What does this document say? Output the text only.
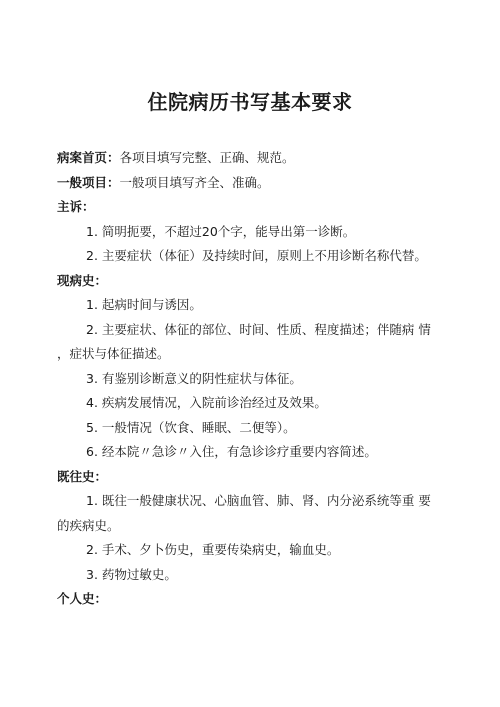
住院病历书写基本要求
病案首页：各项目填写完整、正确、规范。
一般项目：一般项目填写齐全、准确。
主诉：
1. 简明扼要，不超过20个字，能导出第一诊断。
2. 主要症状（体征）及持续时间，原则上不用诊断名称代替。
现病史：
1. 起病时间与诱因。
2. 主要症状、体征的部位、时间、性质、程度描述；伴随病 情
，症状与体征描述。
3. 有鉴别诊断意义的阴性症状与体征。
4. 疾病发展情况，入院前诊治经过及效果。
5. 一般情况（饮食、睡眠、二便等）。
6. 经本院〃急诊〃入住，有急诊诊疗重要内容简述。
既往史：
1. 既往一般健康状况、心脑血管、肺、肾、内分泌系统等重 要
的疾病史。
2. 手术、夕卜伤史，重要传染病史，输血史。
3. 药物过敏史。
个人史：
